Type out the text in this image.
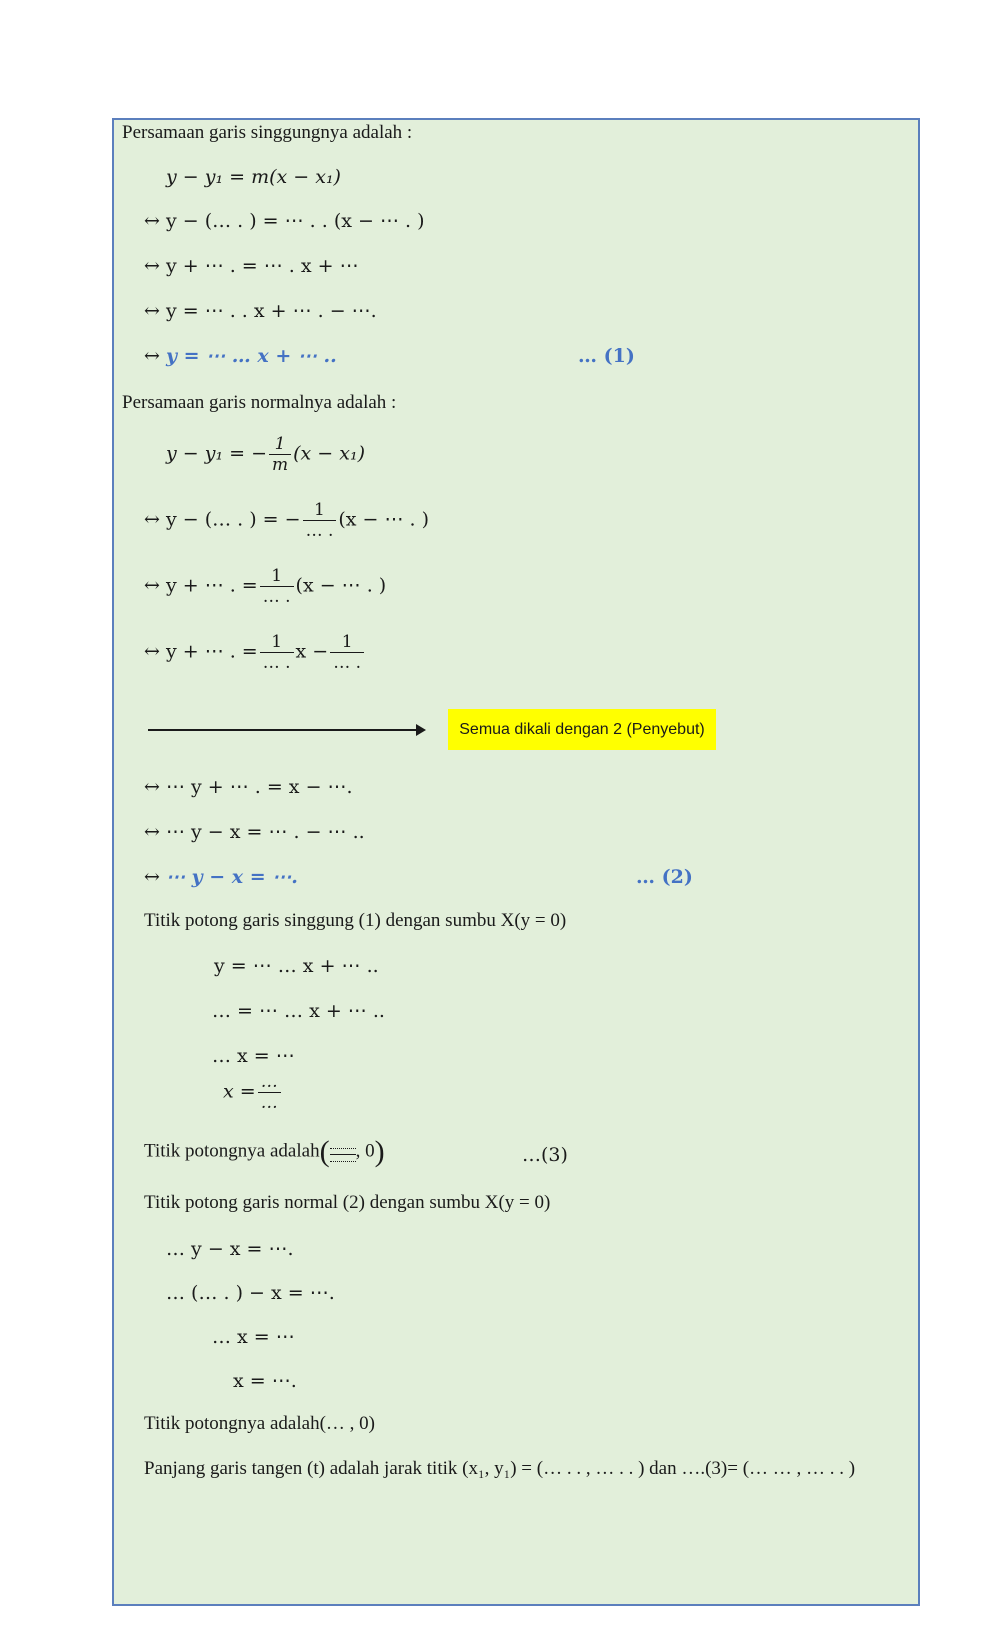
Persamaan garis singgungnya adalah :
y − y₁ = m(x − x₁)
↔ y − (… . ) = ⋯ . . (x − ⋯ . )
↔ y + ⋯ . = ⋯ . x + ⋯
↔ y = ⋯ . . x + ⋯ . − ⋯.
↔ y = ⋯ … x + ⋯ ..	… (1)
Persamaan garis normalnya adalah :
y − y₁ = − $\frac{1}{m} (x - x_1)$
↔ y − (… . ) = − $\frac{1}{\dots .} (x$ − ⋯ . )
↔ y + ⋯ . = $\frac{1}{\dots .} (x$ − ⋯ . )
↔ y + ⋯ . = $\frac{1}{\dots .}$ $x - \frac{1}{\dots .}$
Semua dikali dengan 2 (Penyebut)
↔ ⋯ y + ⋯ . = x − ⋯.
↔ ⋯ y − x = ⋯ . − ⋯ ..
↔ ⋯ y − x = ⋯.	… (2)
Titik potong garis singgung (1) dengan sumbu X(y = 0)
y = ⋯ … x + ⋯ ..
… = ⋯ … x + ⋯ ..
… x = ⋯
$x = \frac{\dots}{\dots}$
Titik potongnya adalah( , 0)	…(3)
Titik potong garis normal (2) dengan sumbu X(y = 0)
… y − x = ⋯.
… (… . ) − x = ⋯.
… x = ⋯
x = ⋯.
Titik potongnya adalah(… , 0)
Panjang garis tangen (t) adalah jarak titik (x₁, y₁) = (… . . , … . . ) dan ….(3)= (… … , … . . )
